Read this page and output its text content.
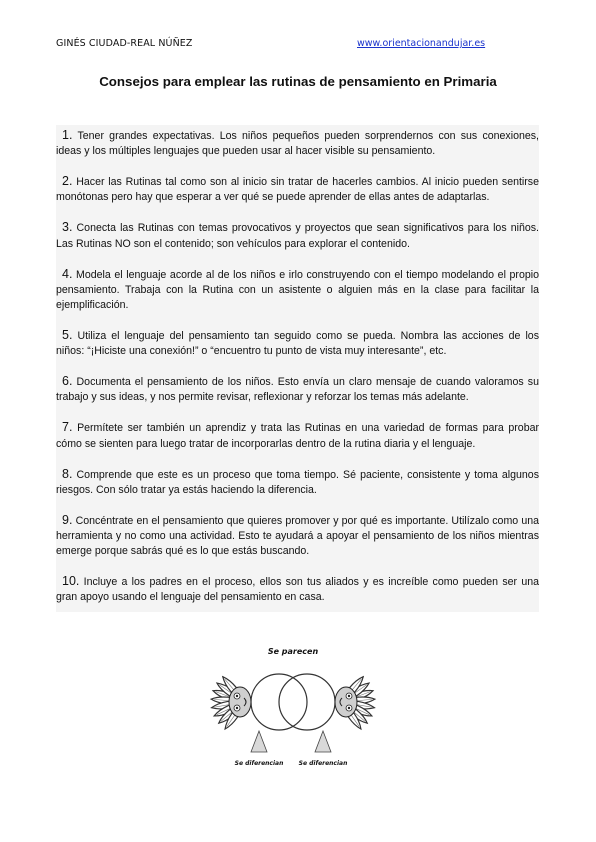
GINÉS CIUDAD-REAL NÚÑEZ	www.orientacionandujar.es
Consejos para emplear las rutinas de pensamiento en Primaria

1. Tener grandes expectativas. Los niños pequeños pueden sorprendernos con sus conexiones, ideas y los múltiples lenguajes que pueden usar al hacer visible su pensamiento.

2. Hacer las Rutinas tal como son al inicio sin tratar de hacerles cambios. Al inicio pueden sentirse monótonas pero hay que esperar a ver qué se puede aprender de ellas antes de adaptarlas.

3. Conecta las Rutinas con temas provocativos y proyectos que sean significativos para los niños. Las Rutinas NO son el contenido; son vehículos para explorar el contenido.

4. Modela el lenguaje acorde al de los niños e irlo construyendo con el tiempo modelando el propio pensamiento. Trabaja con la Rutina con un asistente o alguien más en la clase para facilitar la ejemplificación.

5. Utiliza el lenguaje del pensamiento tan seguido como se pueda. Nombra las acciones de los niños: “¡Hiciste una conexión!” o “encuentro tu punto de vista muy interesante”, etc.

6. Documenta el pensamiento de los niños. Esto envía un claro mensaje de cuando valoramos su trabajo y sus ideas, y nos permite revisar, reflexionar y reforzar los temas más adelante.

7. Permítete ser también un aprendiz y trata las Rutinas en una variedad de formas para probar cómo se sienten para luego tratar de incorporarlas dentro de la rutina diaria y el lenguaje.

8. Comprende que este es un proceso que toma tiempo. Sé paciente, consistente y toma algunos riesgos. Con sólo tratar ya estás haciendo la diferencia.

9. Concéntrate en el pensamiento que quieres promover y por qué es importante. Utilízalo como una herramienta y no como una actividad. Esto te ayudará a apoyar el pensamiento de los niños mientras emerge porque sabrás qué es lo que estás buscando.

10. Incluye a los padres en el proceso, ellos son tus aliados y es increíble como pueden ser una gran apoyo usando el lenguaje del pensamiento en casa.

Se parecen
Se diferencian	Se diferencian
